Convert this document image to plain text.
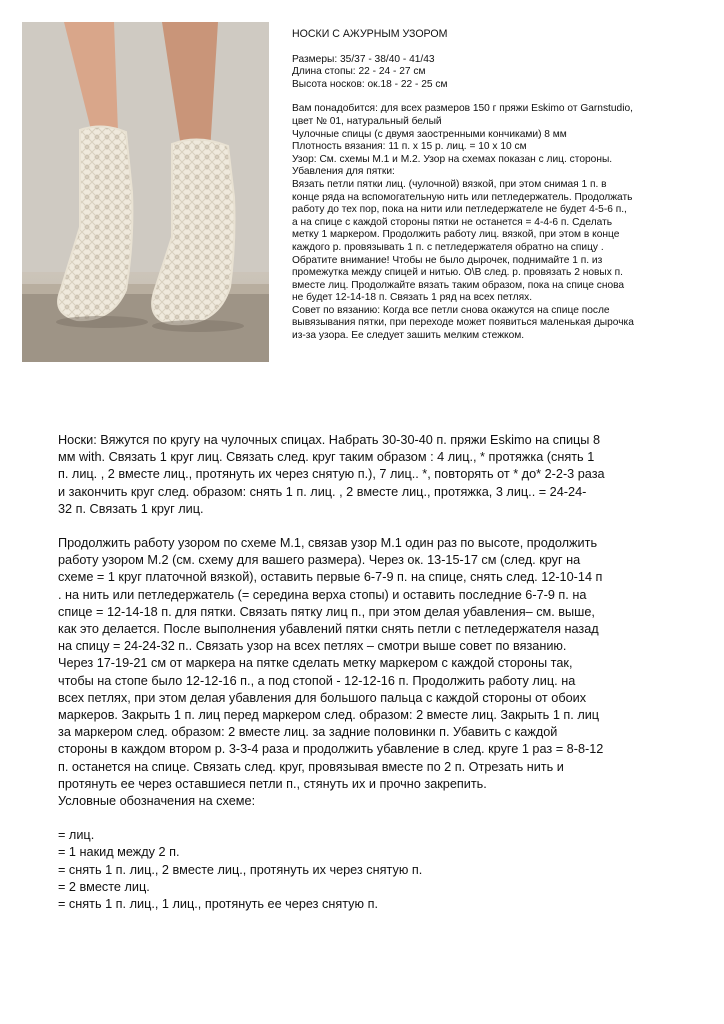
НОСКИ С АЖУРНЫМ УЗОРОМ

Размеры: 35/37 - 38/40 - 41/43

Длина стопы: 22 - 24 - 27 см

Высота носков: ок.18 - 22 - 25 см

Вам понадобится: для всех размеров 150 г пряжи Eskimo от Garnstudio,

цвет № 01, натуральный белый

Чулочные спицы (с двумя заостренными кончиками) 8 мм

Плотность вязания: 11 п. х 15 р. лиц. = 10 х 10 см

Узор: См. схемы М.1 и М.2. Узор на схемах показан с лиц. стороны.

Убавления для пятки:

Вязать петли пятки лиц. (чулочной) вязкой, при этом снимая 1 п. в

конце ряда на вспомогательную нить или петледержатель. Продолжать

работу до тех пор, пока на нити или петледержателе не будет 4-5-6 п.,

а на спице с каждой стороны пятки не останется = 4-4-6 п. Сделать

метку 1 маркером. Продолжить работу лиц. вязкой, при этом в конце

каждого р. провязывать 1 п. с петледержателя обратно на спицу .

Обратите внимание! Чтобы не было дырочек, поднимайте 1 п. из

промежутка между спицей и нитью. О\В след. р. провязать 2 новых п.

вместе лиц. Продолжайте вязать таким образом, пока на спице снова

не будет 12-14-18 п. Связать 1 ряд на всех петлях.

Совет по вязанию: Когда все петли снова окажутся на спице после

вывязывания пятки, при переходе может появиться маленькая дырочка

из-за узора. Ее следует зашить мелким стежком.

Носки: Вяжутся по кругу на чулочных спицах. Набрать 30-30-40 п. пряжи Eskimo на спицы 8

мм with. Связать 1 круг лиц. Связать след. круг таким образом : 4 лиц., * протяжка (снять 1

п. лиц. , 2 вместе лиц., протянуть их через снятую п.), 7 лиц.. *, повторять от * до* 2-2-3 раза

и закончить круг след. образом: снять 1 п. лиц. , 2 вместе лиц., протяжка, 3 лиц.. = 24-24-

32 п. Связать 1 круг лиц.

Продолжить работу узором по схеме М.1, связав узор М.1 один раз по высоте, продолжить

работу узором М.2 (см. схему для вашего размера). Через ок. 13-15-17 см (след. круг на

схеме = 1 круг платочной вязкой), оставить первые 6-7-9 п. на спице, снять след. 12-10-14 п

. на нить или петледержатель (= середина верха стопы) и оставить последние 6-7-9 п. на

спице = 12-14-18 п. для пятки. Связать пятку лиц п., при этом делая убавления– см. выше,

как это делается. После выполнения убавлений пятки снять петли с петледержателя назад

на спицу = 24-24-32 п.. Связать узор на всех петлях – смотри выше совет по вязанию.

Через 17-19-21 см от маркера на пятке сделать метку маркером с каждой стороны так,

чтобы на стопе было 12-12-16 п., а под стопой - 12-12-16 п. Продолжить работу лиц. на

всех петлях, при этом делая убавления для большого пальца с каждой стороны от обоих

маркеров. Закрыть 1 п. лиц перед маркером след. образом: 2 вместе лиц. Закрыть 1 п. лиц

за маркером след. образом: 2 вместе лиц. за задние половинки п. Убавить с каждой

стороны в каждом втором р. 3-3-4 раза и продолжить убавление в след. круге 1 раз = 8-8-12

п. останется на спице. Связать след. круг, провязывая вместе по 2 п. Отрезать нить и

протянуть ее через оставшиеся петли п., стянуть их и прочно закрепить.

Условные обозначения на схеме:

= лиц.

= 1 накид между 2 п.

= снять 1 п. лиц., 2 вместе лиц., протянуть их через снятую п.

= 2 вместе лиц.

= снять 1 п. лиц., 1 лиц., протянуть ее через снятую п.
